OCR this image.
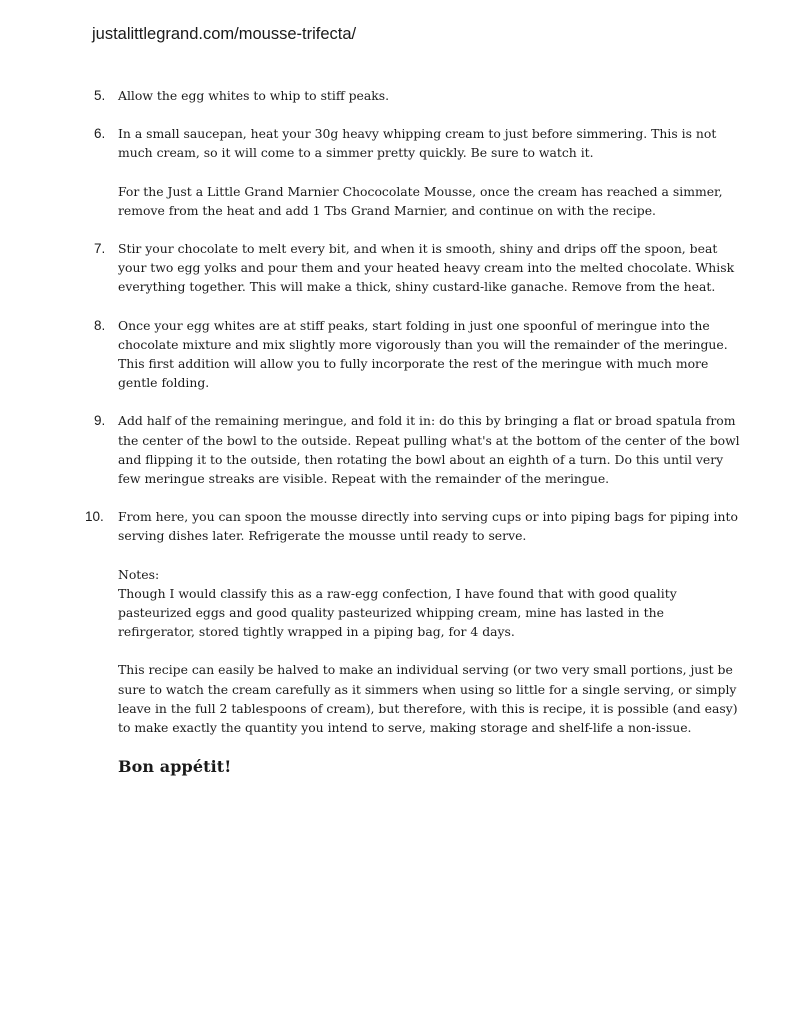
justalittlegrand.com/mousse-trifecta/
5.	Allow the egg whites to whip to stiff peaks.

6.	In a small saucepan, heat your 30g heavy whipping cream to just before simmering. This is not much cream, so it will come to a simmer pretty quickly. Be sure to watch it.

For the Just a Little Grand Marnier Chococolate Mousse, once the cream has reached a simmer, remove from the heat and add 1 Tbs Grand Marnier, and continue on with the recipe.

7.	Stir your chocolate to melt every bit, and when it is smooth, shiny and drips off the spoon, beat your two egg yolks and pour them and your heated heavy cream into the melted chocolate. Whisk everything together. This will make a thick, shiny custard-like ganache. Remove from the heat.

8.	Once your egg whites are at stiff peaks, start folding in just one spoonful of meringue into the chocolate mixture and mix slightly more vigorously than you will the remainder of the meringue. This first addition will allow you to fully incorporate the rest of the meringue with much more gentle folding.

9.	Add half of the remaining meringue, and fold it in: do this by bringing a flat or broad spatula from the center of the bowl to the outside. Repeat pulling what's at the bottom of the center of the bowl and flipping it to the outside, then rotating the bowl about an eighth of a turn. Do this until very few meringue streaks are visible. Repeat with the remainder of the meringue.

10.	From here, you can spoon the mousse directly into serving cups or into piping bags for piping into serving dishes later. Refrigerate the mousse until ready to serve.

Notes:

Though I would classify this as a raw-egg confection, I have found that with good quality pasteurized eggs and good quality pasteurized whipping cream, mine has lasted in the refirgerator, stored tightly wrapped in a piping bag, for 4 days.

This recipe can easily be halved to make an individual serving (or two very small portions, just be sure to watch the cream carefully as it simmers when using so little for a single serving, or simply leave in the full 2 tablespoons of cream), but therefore, with this is recipe, it is possible (and easy) to make exactly the quantity you intend to serve, making storage and shelf-life a non-issue.

Bon appétit!
